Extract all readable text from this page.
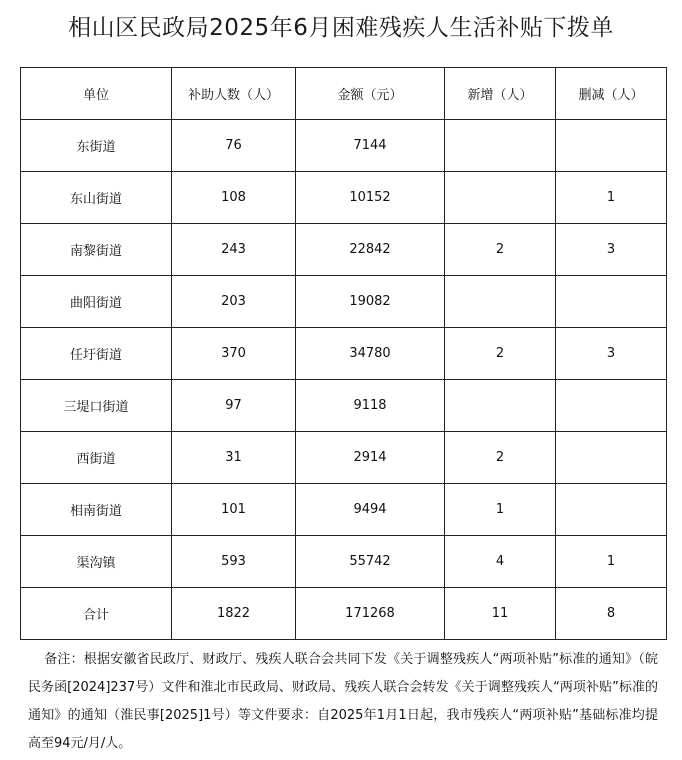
相山区民政局2025年6月困难残疾人生活补贴下拨单
单位	补助人数（人）	金额（元）	新增（人）	删减（人）
东街道	76	7144		
东山街道	108	10152		1
南黎街道	243	22842	2	3
曲阳街道	203	19082		
任圩街道	370	34780	2	3
三堤口街道	97	9118		
西街道	31	2914	2	
相南街道	101	9494	1	
渠沟镇	593	55742	4	1
合计	1822	171268	11	8
备注：根据安徽省民政厅、财政厅、残疾人联合会共同下发《关于调整残疾人“两项补贴”标准的通知》（皖民务函[2024]237号）文件和淮北市民政局、财政局、残疾人联合会转发《关于调整残疾人“两项补贴”标准的通知》的通知（淮民事[2025]1号）等文件要求：自2025年1月1日起，我市残疾人“两项补贴”基础标准均提高至94元/月/人。
